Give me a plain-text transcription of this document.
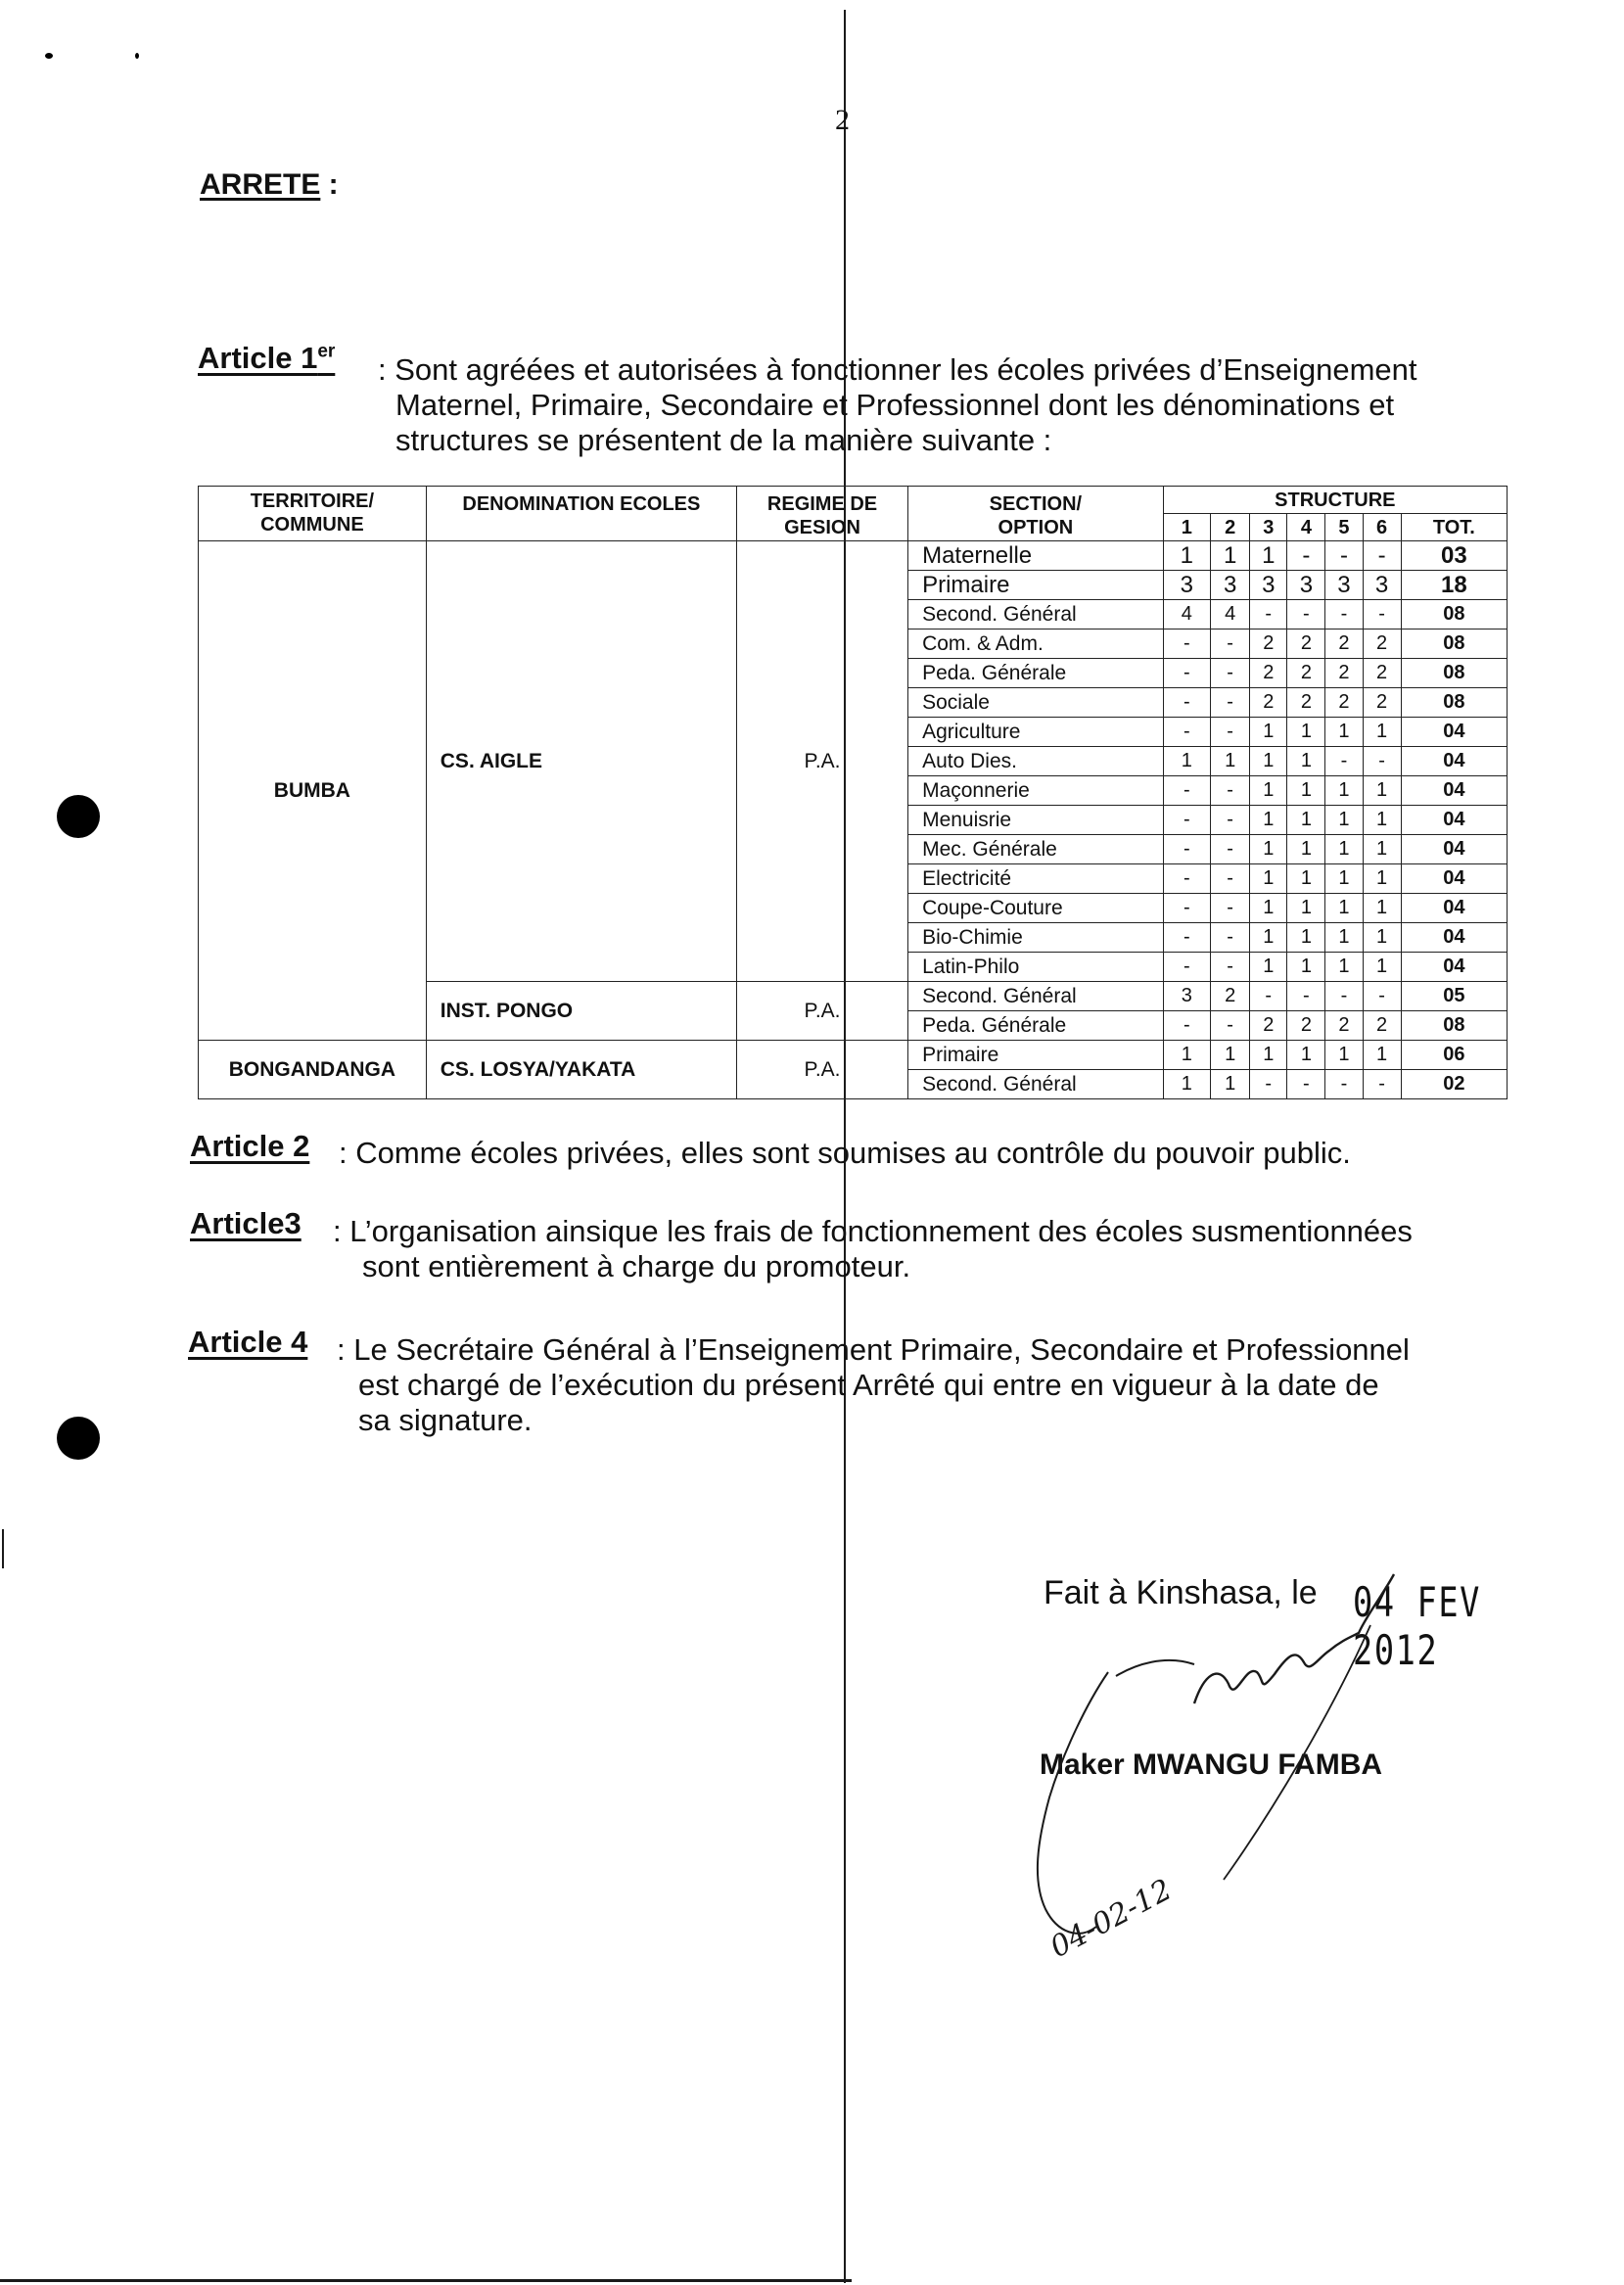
2
ARRETE :
Article 1er
: Sont agréées et autorisées à fonctionner les écoles privées d’Enseignement
Maternel, Primaire, Secondaire et Professionnel dont les dénominations et
structures se présentent de la manière suivante :
TERRITOIRE/ COMMUNE	DENOMINATION ECOLES	REGIME DE GESION	SECTION/ OPTION	STRUCTURE						
				1	2	3	4	5	6	TOT.
BUMBA	CS. AIGLE	P.A.	Maternelle	1	1	1	-	-	-	03
			Primaire	3	3	3	3	3	3	18
			Second. Général	4	4	-	-	-	-	08
			Com. & Adm.	-	-	2	2	2	2	08
			Peda. Générale	-	-	2	2	2	2	08
			Sociale	-	-	2	2	2	2	08
			Agriculture	-	-	1	1	1	1	04
			Auto Dies.	1	1	1	1	-	-	04
			Maçonnerie	-	-	1	1	1	1	04
			Menuisrie	-	-	1	1	1	1	04
			Mec. Générale	-	-	1	1	1	1	04
			Electricité	-	-	1	1	1	1	04
			Coupe-Couture	-	-	1	1	1	1	04
			Bio-Chimie	-	-	1	1	1	1	04
			Latin-Philo	-	-	1	1	1	1	04
	INST. PONGO	P.A.	Second. Général	3	2	-	-	-	-	05
			Peda. Générale	-	-	2	2	2	2	08
BONGANDANGA	CS. LOSYA/YAKATA	P.A.	Primaire	1	1	1	1	1	1	06
			Second. Général	1	1	-	-	-	-	02
Article 2 : Comme écoles privées, elles sont soumises au contrôle du pouvoir public.
Article3 : L’organisation ainsique les frais de fonctionnement des écoles susmentionnées
sont entièrement à charge du promoteur.
Article 4 : Le Secrétaire Général à l’Enseignement Primaire, Secondaire et Professionnel
est chargé de l’exécution du présent Arrêté qui entre en vigueur à la date de
sa signature.
Fait à Kinshasa, le 04 FEV 2012
Maker MWANGU FAMBA
04-02-12
